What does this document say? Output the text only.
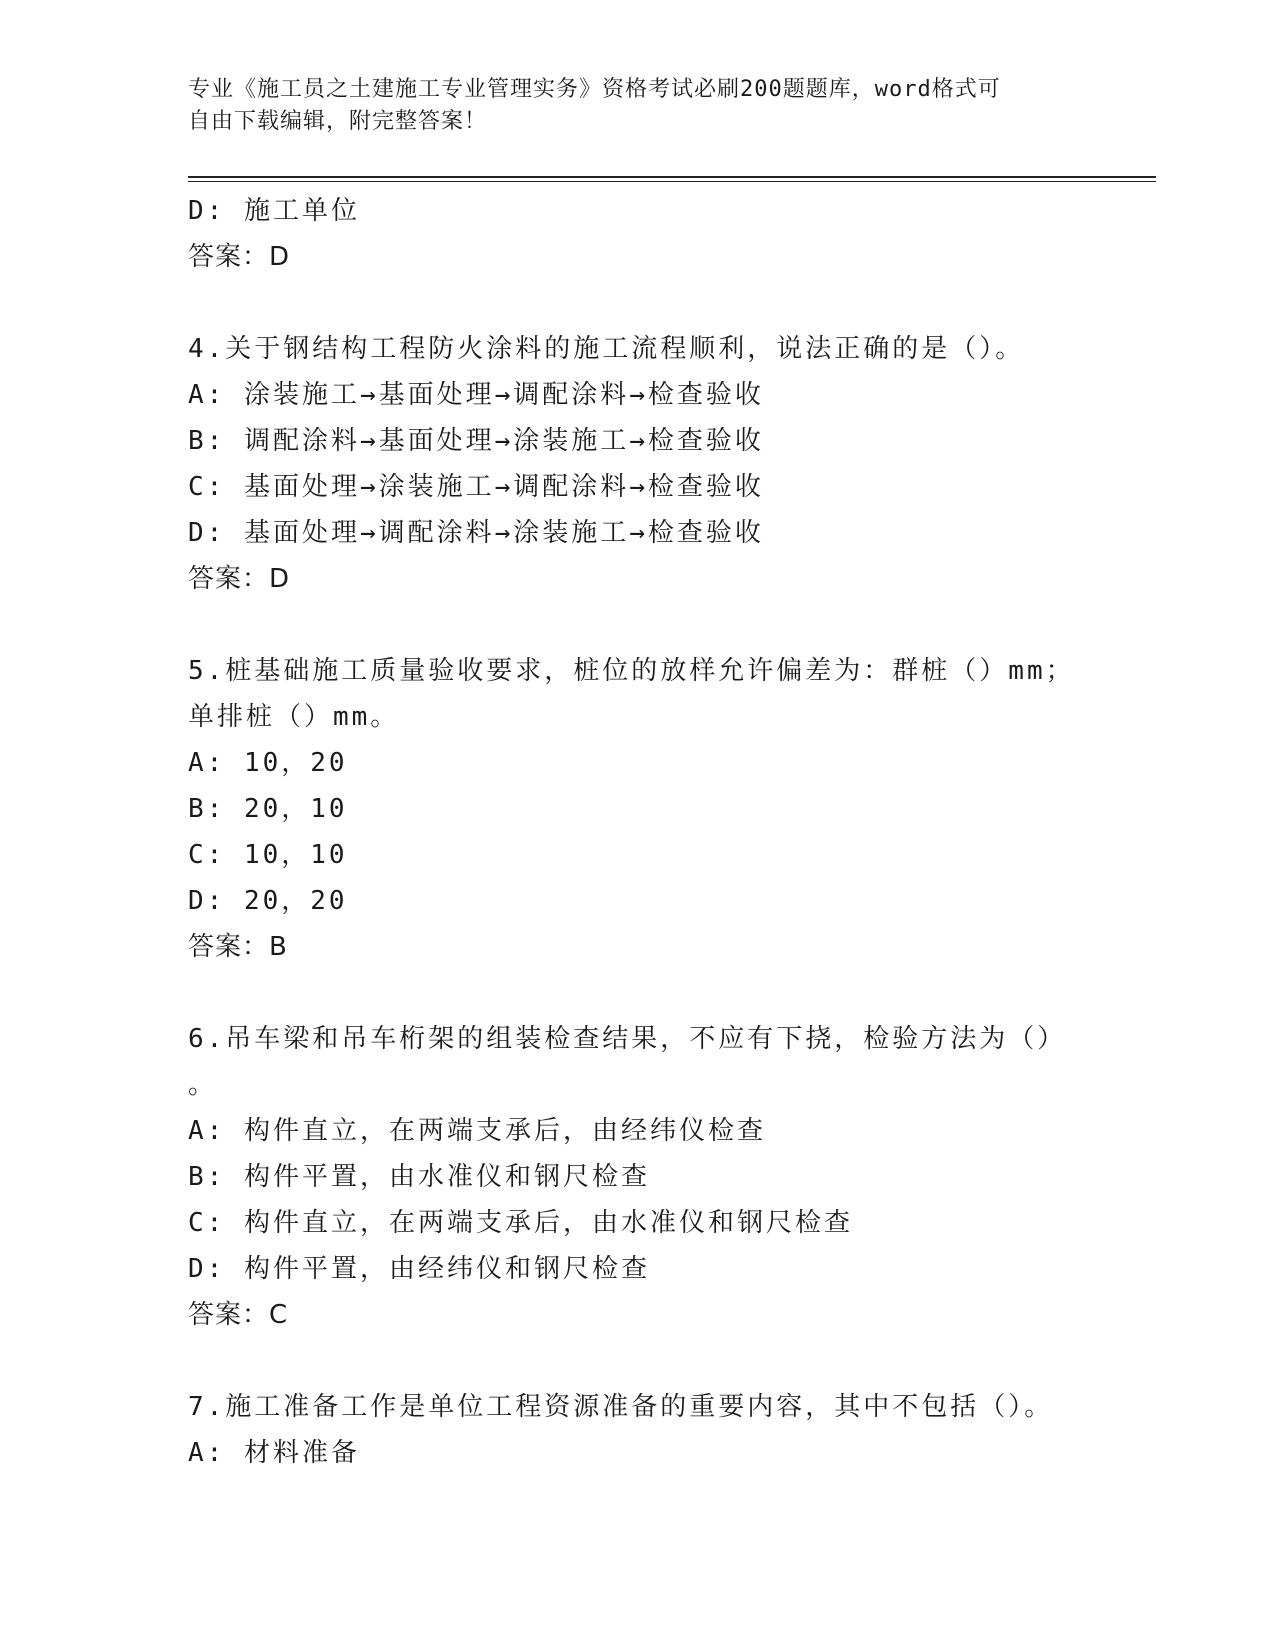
专业《施工员之土建施工专业管理实务》资格考试必刷200题题库，word格式可
自由下载编辑，附完整答案！
D: 施工单位
答案：D
4.关于钢结构工程防火涂料的施工流程顺利，说法正确的是（）。
A: 涂装施工→基面处理→调配涂料→检查验收
B: 调配涂料→基面处理→涂装施工→检查验收
C: 基面处理→涂装施工→调配涂料→检查验收
D: 基面处理→调配涂料→涂装施工→检查验收
答案：D
5.桩基础施工质量验收要求，桩位的放样允许偏差为：群桩（）mm；
单排桩（）mm。
A: 10，20
B: 20，10
C: 10，10
D: 20，20
答案：B
6.吊车梁和吊车桁架的组装检查结果，不应有下挠，检验方法为（）
。
A: 构件直立，在两端支承后，由经纬仪检查
B: 构件平置，由水准仪和钢尺检查
C: 构件直立，在两端支承后，由水准仪和钢尺检查
D: 构件平置，由经纬仪和钢尺检查
答案：C
7.施工准备工作是单位工程资源准备的重要内容，其中不包括（）。
A: 材料准备
